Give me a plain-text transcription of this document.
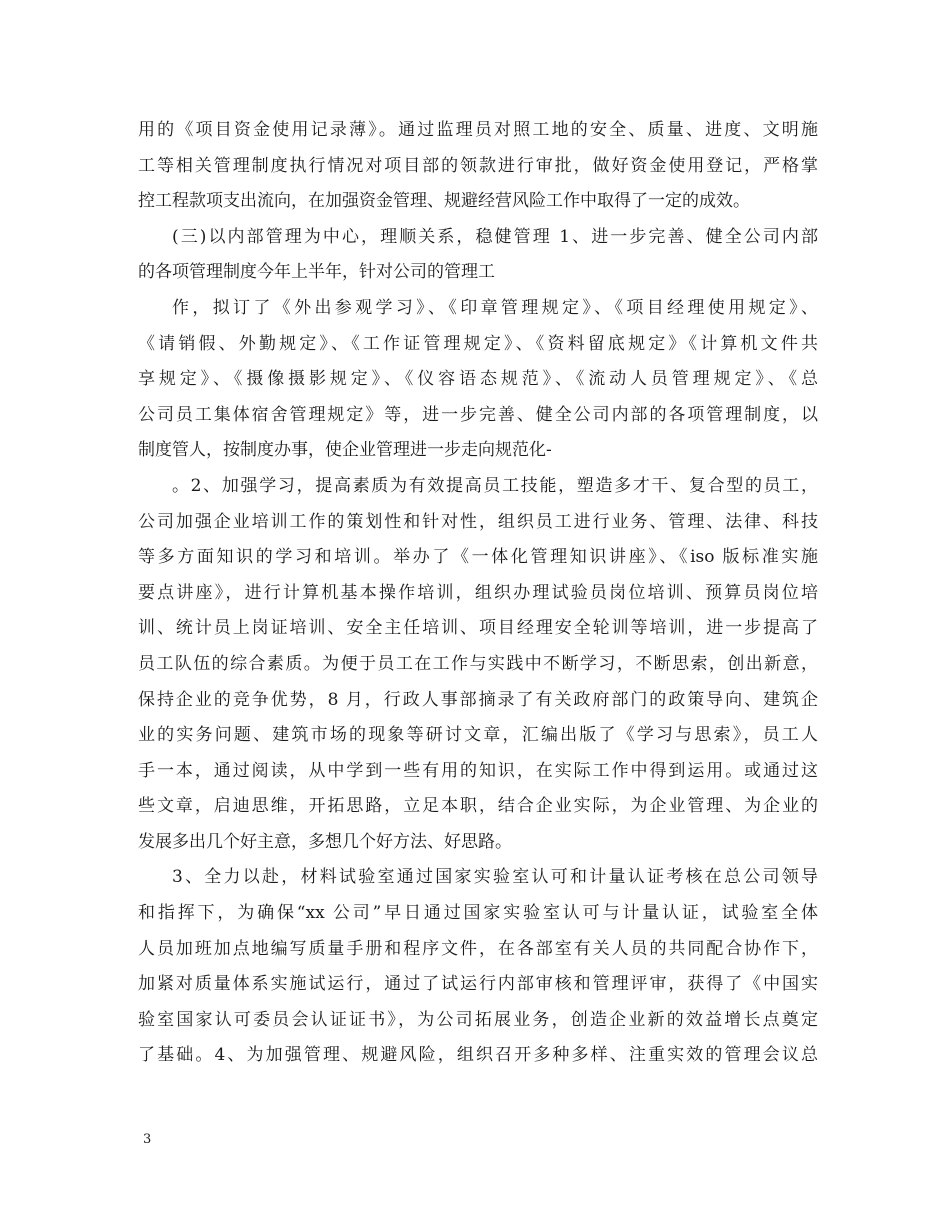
用的《项目资金使用记录薄》。通过监理员对照工地的安全、质量、进度、文明施
工等相关管理制度执行情况对项目部的领款进行审批，做好资金使用登记，严格掌
控工程款项支出流向，在加强资金管理、规避经营风险工作中取得了一定的成效。
(三)以内部管理为中心，理顺关系，稳健管理 1、进一步完善、健全公司内部
的各项管理制度今年上半年，针对公司的管理工
作，拟订了《外出参观学习》、《印章管理规定》、《项目经理使用规定》、
《请销假、外勤规定》、《工作证管理规定》、《资料留底规定》《计算机文件共
享规定》、《摄像摄影规定》、《仪容语态规范》、《流动人员管理规定》、《总
公司员工集体宿舍管理规定》等，进一步完善、健全公司内部的各项管理制度，以
制度管人，按制度办事，使企业管理进一步走向规范化-
。2、加强学习，提高素质为有效提高员工技能，塑造多才干、复合型的员工，
公司加强企业培训工作的策划性和针对性，组织员工进行业务、管理、法律、科技
等多方面知识的学习和培训。举办了《一体化管理知识讲座》、《iso 版标准实施
要点讲座》，进行计算机基本操作培训，组织办理试验员岗位培训、预算员岗位培
训、统计员上岗证培训、安全主任培训、项目经理安全轮训等培训，进一步提高了
员工队伍的综合素质。为便于员工在工作与实践中不断学习，不断思索，创出新意，
保持企业的竞争优势，8 月，行政人事部摘录了有关政府部门的政策导向、建筑企
业的实务问题、建筑市场的现象等研讨文章，汇编出版了《学习与思索》，员工人
手一本，通过阅读，从中学到一些有用的知识，在实际工作中得到运用。或通过这
些文章，启迪思维，开拓思路，立足本职，结合企业实际，为企业管理、为企业的
发展多出几个好主意，多想几个好方法、好思路。
3、全力以赴，材料试验室通过国家实验室认可和计量认证考核在总公司领导
和指挥下，为确保“xx 公司”早日通过国家实验室认可与计量认证，试验室全体
人员加班加点地编写质量手册和程序文件，在各部室有关人员的共同配合协作下，
加紧对质量体系实施试运行，通过了试运行内部审核和管理评审，获得了《中国实
验室国家认可委员会认证证书》，为公司拓展业务，创造企业新的效益增长点奠定
了基础。4、为加强管理、规避风险，组织召开多种多样、注重实效的管理会议总
3
